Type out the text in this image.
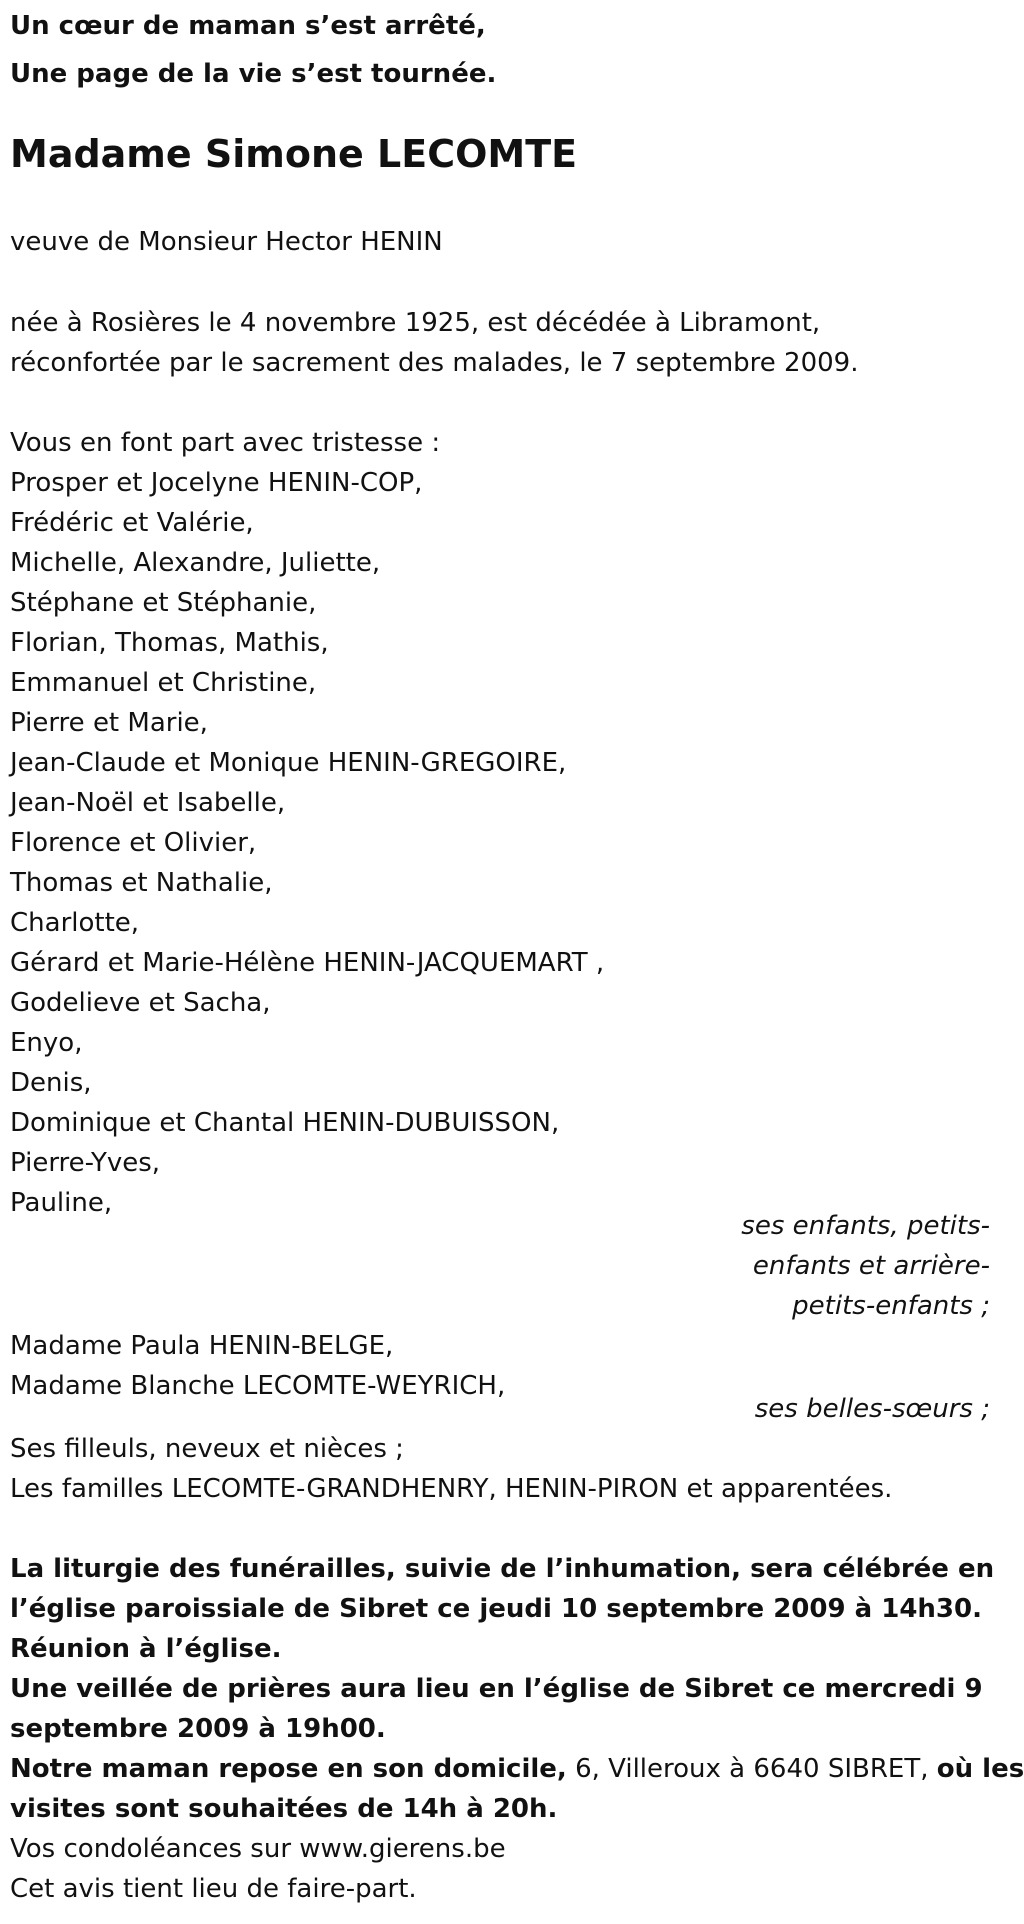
Un cœur de maman s’est arrêté,
Une page de la vie s’est tournée.
Madame Simone LECOMTE
veuve de Monsieur Hector HENIN
née à Rosières le 4 novembre 1925, est décédée à Libramont,
réconfortée par le sacrement des malades, le 7 septembre 2009.
Vous en font part avec tristesse :
Prosper et Jocelyne HENIN-COP,
Frédéric et Valérie,
Michelle, Alexandre, Juliette,
Stéphane et Stéphanie,
Florian, Thomas, Mathis,
Emmanuel et Christine,
Pierre et Marie,
Jean-Claude et Monique HENIN-GREGOIRE,
Jean-Noël et Isabelle,
Florence et Olivier,
Thomas et Nathalie,
Charlotte,
Gérard et Marie-Hélène HENIN-JACQUEMART ,
Godelieve et Sacha,
Enyo,
Denis,
Dominique et Chantal HENIN-DUBUISSON,
Pierre-Yves,
Pauline,
ses enfants, petits-
enfants et arrière-
petits-enfants ;
Madame Paula HENIN-BELGE,
Madame Blanche LECOMTE-WEYRICH,
ses belles-sœurs ;
Ses filleuls, neveux et nièces ;
Les familles LECOMTE-GRANDHENRY, HENIN-PIRON et apparentées.
La liturgie des funérailles, suivie de l’inhumation, sera célébrée en
l’église paroissiale de Sibret ce jeudi 10 septembre 2009 à 14h30.
Réunion à l’église.
Une veillée de prières aura lieu en l’église de Sibret ce mercredi 9
septembre 2009 à 19h00.
Notre maman repose en son domicile, 6, Villeroux à 6640 SIBRET, où les
visites sont souhaitées de 14h à 20h.
Vos condoléances sur www.gierens.be
Cet avis tient lieu de faire-part.
